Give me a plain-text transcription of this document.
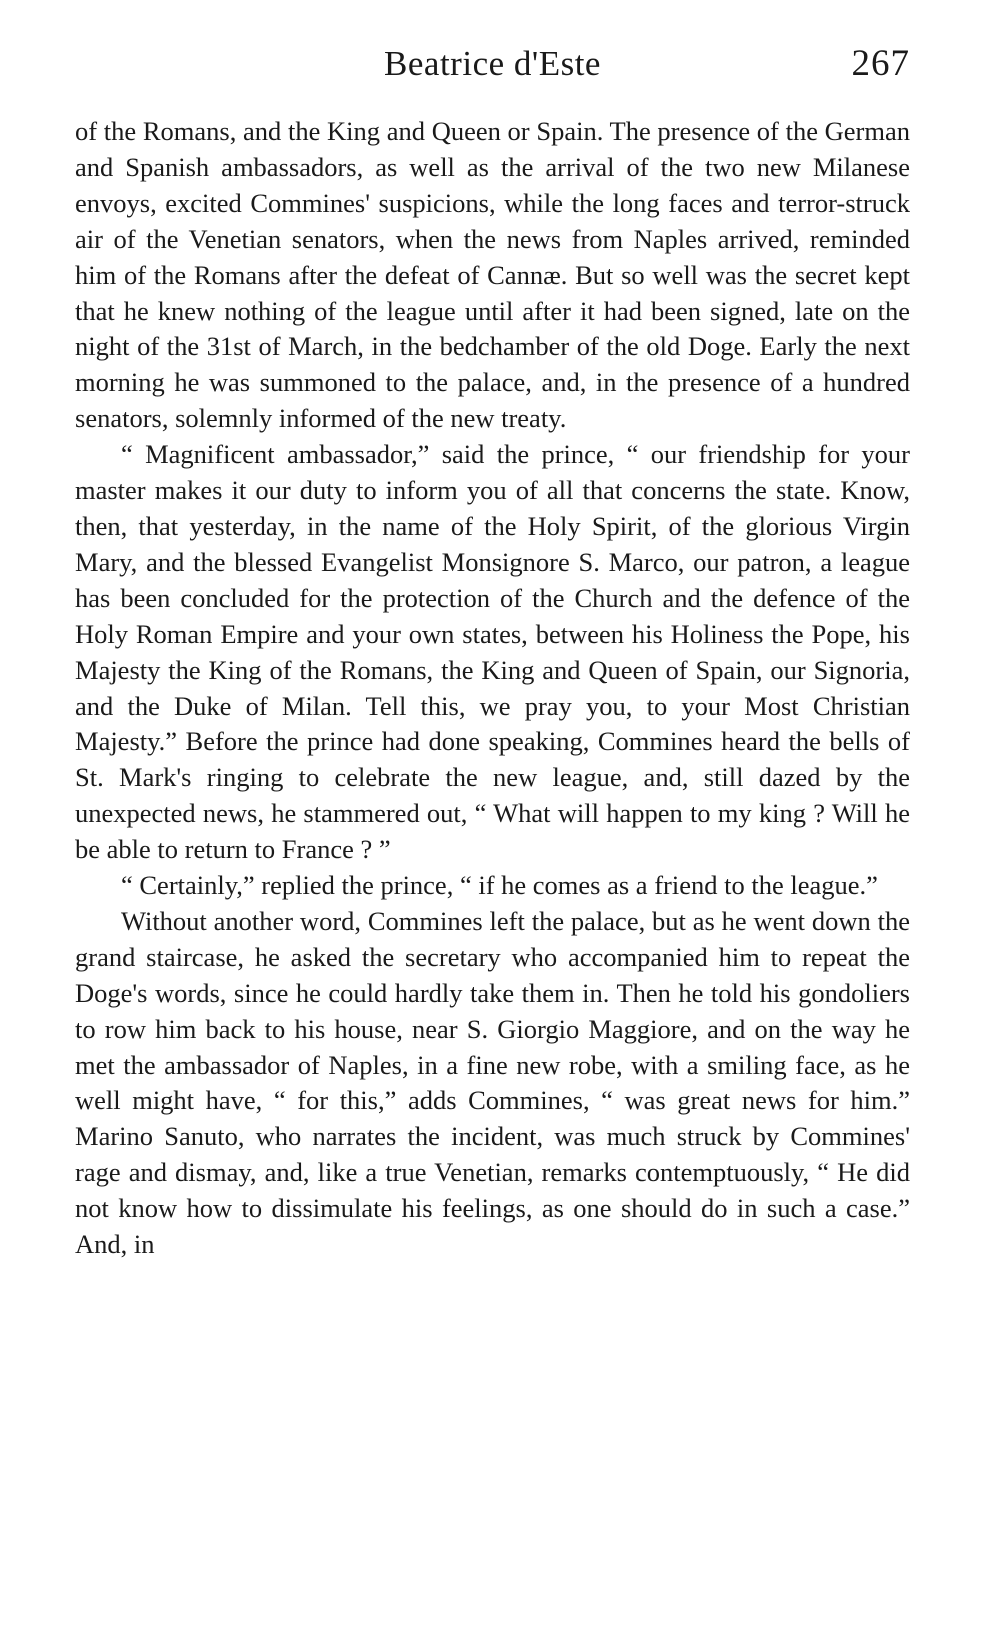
Beatrice d'Este	267

of the Romans, and the King and Queen or Spain. The presence of the German and Spanish ambassadors, as well as the arrival of the two new Milanese envoys, excited Commines' suspicions, while the long faces and terror-struck air of the Venetian senators, when the news from Naples arrived, reminded him of the Romans after the defeat of Cannæ. But so well was the secret kept that he knew nothing of the league until after it had been signed, late on the night of the 31st of March, in the bedchamber of the old Doge. Early the next morning he was summoned to the palace, and, in the presence of a hundred senators, solemnly informed of the new treaty.

“ Magnificent ambassador,” said the prince, “ our friendship for your master makes it our duty to inform you of all that concerns the state. Know, then, that yesterday, in the name of the Holy Spirit, of the glorious Virgin Mary, and the blessed Evangelist Monsignore S. Marco, our patron, a league has been concluded for the protection of the Church and the defence of the Holy Roman Empire and your own states, between his Holiness the Pope, his Majesty the King of the Romans, the King and Queen of Spain, our Signoria, and the Duke of Milan. Tell this, we pray you, to your Most Christian Majesty.” Before the prince had done speaking, Commines heard the bells of St. Mark's ringing to celebrate the new league, and, still dazed by the unexpected news, he stammered out, “ What will happen to my king ? Will he be able to return to France ? ”

“ Certainly,” replied the prince, “ if he comes as a friend to the league.”

Without another word, Commines left the palace, but as he went down the grand staircase, he asked the secretary who accompanied him to repeat the Doge's words, since he could hardly take them in. Then he told his gondoliers to row him back to his house, near S. Giorgio Maggiore, and on the way he met the ambassador of Naples, in a fine new robe, with a smiling face, as he well might have, “ for this,” adds Commines, “ was great news for him.” Marino Sanuto, who narrates the incident, was much struck by Commines' rage and dismay, and, like a true Venetian, remarks contemptuously, “ He did not know how to dissimulate his feelings, as one should do in such a case.” And, in
